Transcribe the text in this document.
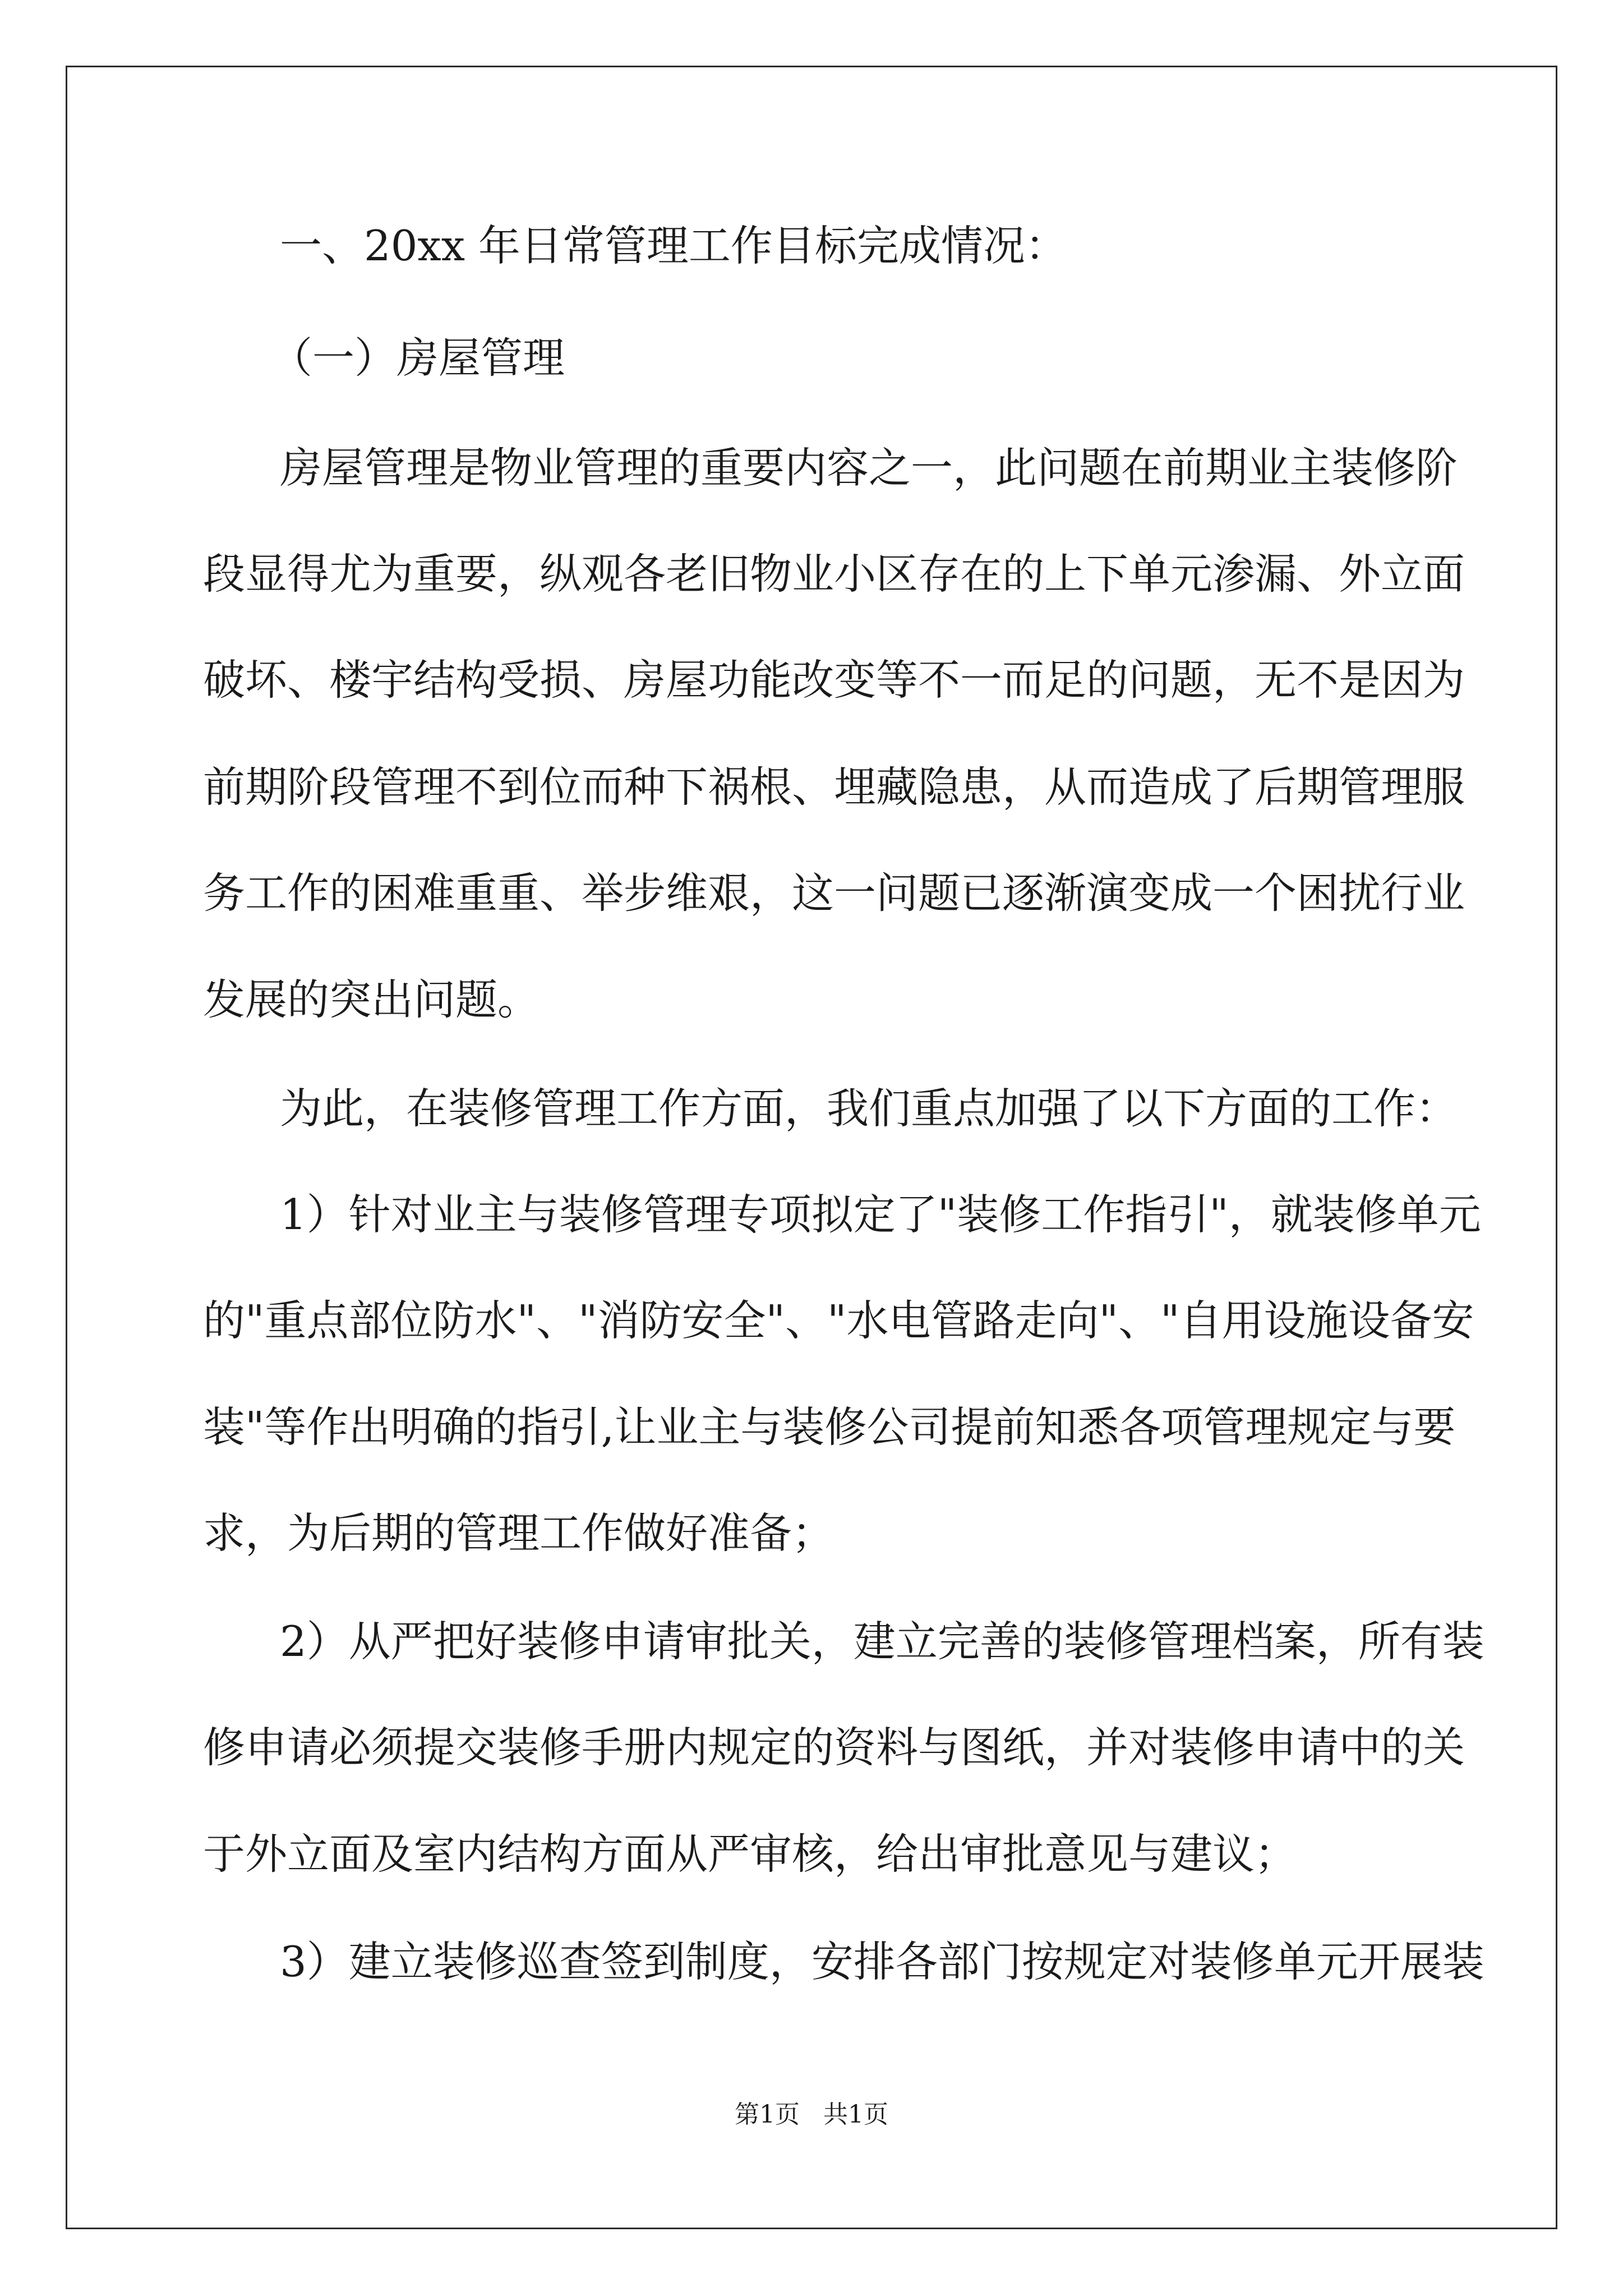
一、20xx 年日常管理工作目标完成情况：
（一）房屋管理
房屋管理是物业管理的重要内容之一，此问题在前期业主装修阶
段显得尤为重要，纵观各老旧物业小区存在的上下单元渗漏、外立面
破坏、楼宇结构受损、房屋功能改变等不一而足的问题，无不是因为
前期阶段管理不到位而种下祸根、埋藏隐患，从而造成了后期管理服
务工作的困难重重、举步维艰，这一问题已逐渐演变成一个困扰行业
发展的突出问题。
为此，在装修管理工作方面，我们重点加强了以下方面的工作：
1）针对业主与装修管理专项拟定了"装修工作指引"，就装修单元
的"重点部位防水"、"消防安全"、"水电管路走向"、"自用设施设备安
装"等作出明确的指引,让业主与装修公司提前知悉各项管理规定与要
求，为后期的管理工作做好准备；
2）从严把好装修申请审批关，建立完善的装修管理档案，所有装
修申请必须提交装修手册内规定的资料与图纸，并对装修申请中的关
于外立面及室内结构方面从严审核，给出审批意见与建议；
3）建立装修巡查签到制度，安排各部门按规定对装修单元开展装
第1页   共1页
